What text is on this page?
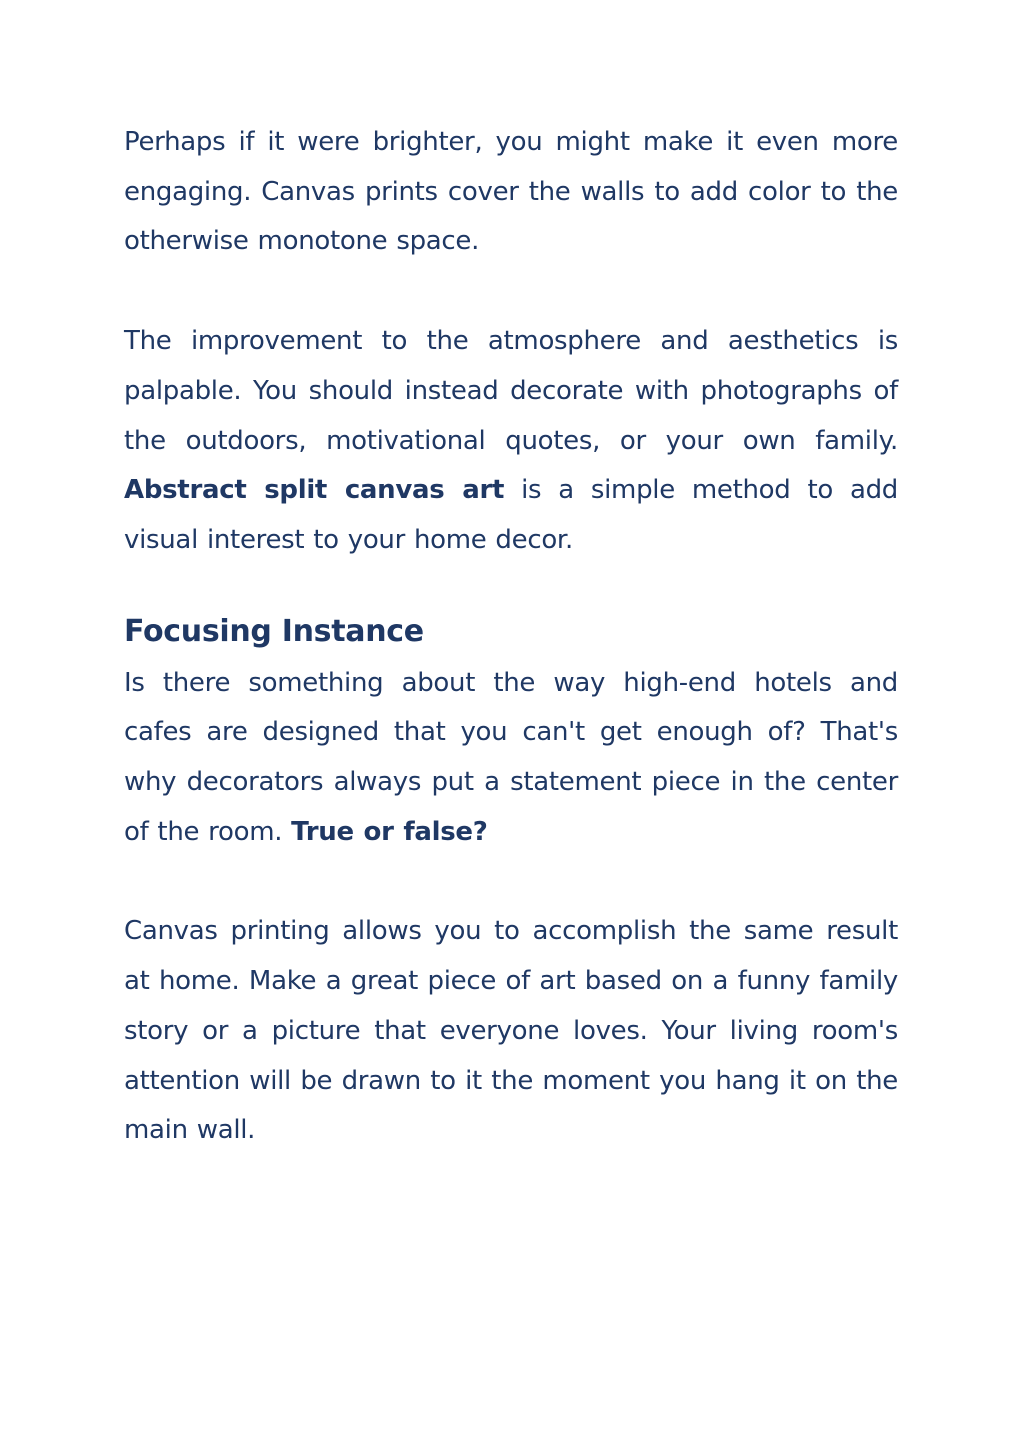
Perhaps if it were brighter, you might make it even more engaging. Canvas prints cover the walls to add color to the otherwise monotone space.

The improvement to the atmosphere and aesthetics is palpable. You should instead decorate with photographs of the outdoors, motivational quotes, or your own family. Abstract split canvas art is a simple method to add visual interest to your home decor.

Focusing Instance

Is there something about the way high-end hotels and cafes are designed that you can't get enough of? That's why decorators always put a statement piece in the center of the room. True or false?

Canvas printing allows you to accomplish the same result at home. Make a great piece of art based on a funny family story or a picture that everyone loves. Your living room's attention will be drawn to it the moment you hang it on the main wall.
